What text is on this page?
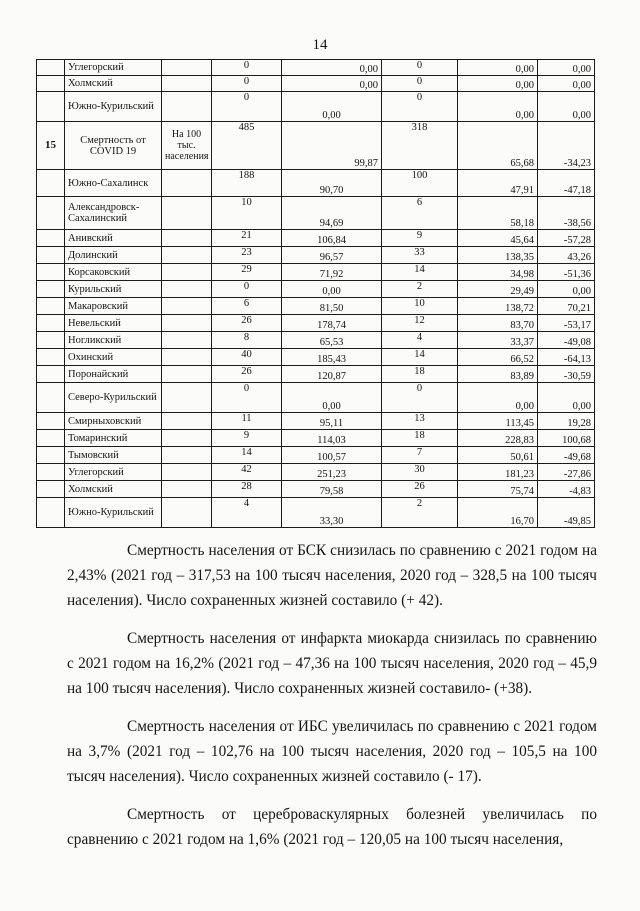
14
	Углегорский		0	0,00	0	0,00	0,00
	Холмский		0	0,00	0	0,00	0,00
	Южно-Курильский		0	0,00	0	0,00	0,00
15	Смертность от COVID 19	На 100 тыс. населения	485	99,87	318	65,68	-34,23
	Южно-Сахалинск		188	90,70	100	47,91	-47,18
	Александровск-Сахалинский		10	94,69	6	58,18	-38,56
	Анивский		21	106,84	9	45,64	-57,28
	Долинский		23	96,57	33	138,35	43,26
	Корсаковский		29	71,92	14	34,98	-51,36
	Курильский		0	0,00	2	29,49	0,00
	Макаровский		6	81,50	10	138,72	70,21
	Невельский		26	178,74	12	83,70	-53,17
	Ногликский		8	65,53	4	33,37	-49,08
	Охинский		40	185,43	14	66,52	-64,13
	Поронайский		26	120,87	18	83,89	-30,59
	Северо-Курильский		0	0,00	0	0,00	0,00
	Смирныховский		11	95,11	13	113,45	19,28
	Томаринский		9	114,03	18	228,83	100,68
	Тымовский		14	100,57	7	50,61	-49,68
	Углегорский		42	251,23	30	181,23	-27,86
	Холмский		28	79,58	26	75,74	-4,83
	Южно-Курильский		4	33,30	2	16,70	-49,85

Смертность населения от БСК снизилась по сравнению с 2021 годом на 2,43% (2021 год – 317,53 на 100 тысяч населения, 2020 год – 328,5 на 100 тысяч населения). Число сохраненных жизней составило (+ 42).

Смертность населения от инфаркта миокарда снизилась по сравнению с 2021 годом на 16,2% (2021 год – 47,36 на 100 тысяч населения, 2020 год – 45,9 на 100 тысяч населения). Число сохраненных жизней составило- (+38).

Смертность населения от ИБС увеличилась по сравнению с 2021 годом на 3,7% (2021 год – 102,76 на 100 тысяч населения, 2020 год – 105,5 на 100 тысяч населения). Число сохраненных жизней составило (- 17).

Смертность от цереброваскулярных болезней увеличилась по сравнению с 2021 годом на 1,6% (2021 год – 120,05 на 100 тысяч населения,
